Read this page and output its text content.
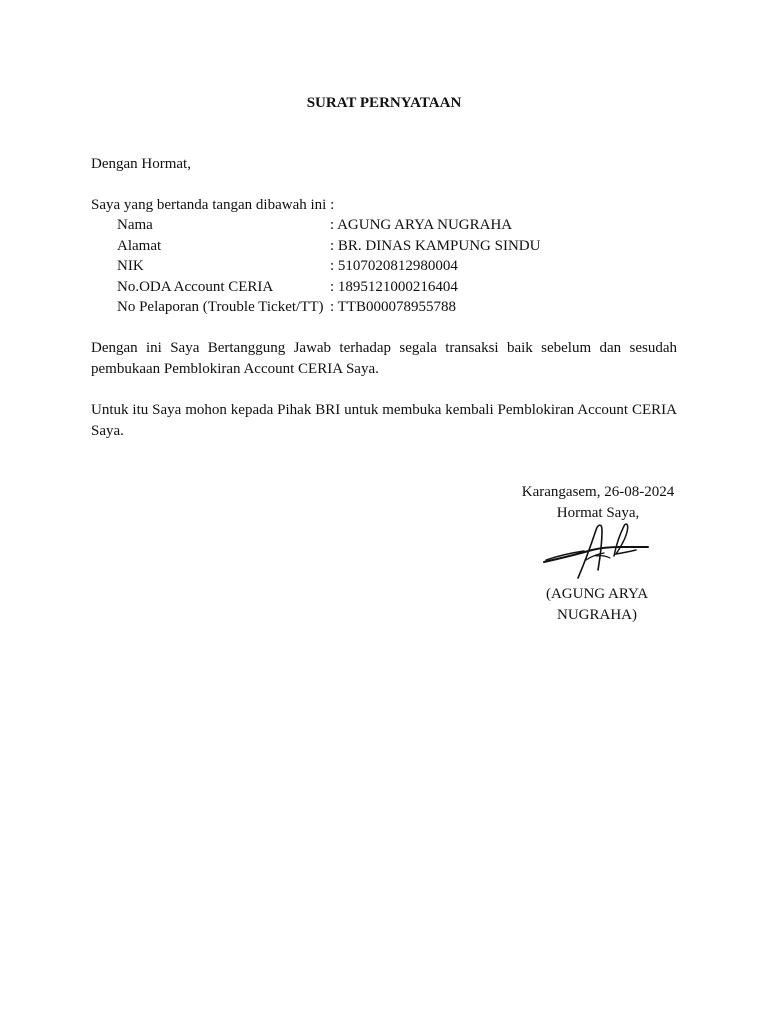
SURAT PERNYATAAN
Dengan Hormat,
Saya yang bertanda tangan dibawah ini :
Nama	: AGUNG ARYA NUGRAHA
Alamat	: BR. DINAS KAMPUNG SINDU
NIK	: 5107020812980004
No.ODA Account CERIA	: 1895121000216404
No Pelaporan (Trouble Ticket/TT) : TTB000078955788
Dengan ini Saya Bertanggung Jawab terhadap segala transaksi baik sebelum dan sesudah pembukaan Pemblokiran Account CERIA Saya.
Untuk itu Saya mohon kepada Pihak BRI untuk membuka kembali Pemblokiran Account CERIA Saya.
Karangasem, 26-08-2024
Hormat Saya,
(AGUNG ARYA NUGRAHA)
